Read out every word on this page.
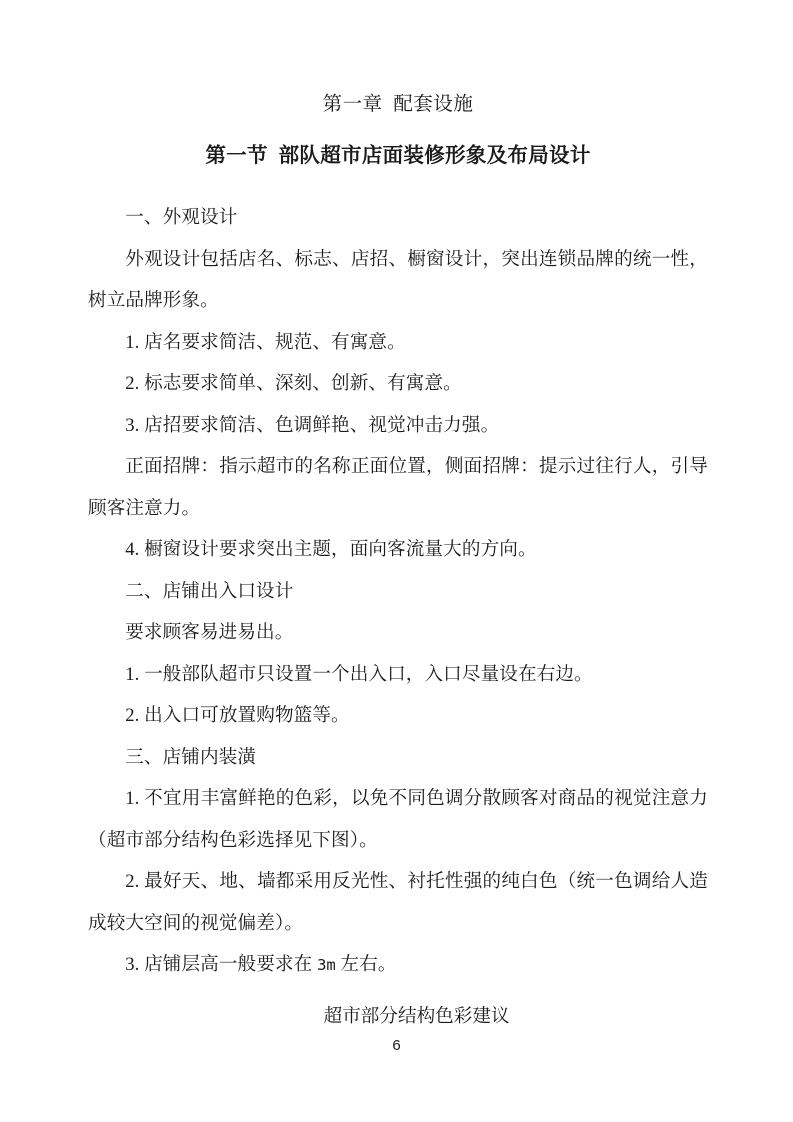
第一章  配套设施
第一节  部队超市店面装修形象及布局设计

一、外观设计

外观设计包括店名、标志、店招、橱窗设计，突出连锁品牌的统一性，树立品牌形象。

1. 店名要求简洁、规范、有寓意。

2. 标志要求简单、深刻、创新、有寓意。

3. 店招要求简洁、色调鲜艳、视觉冲击力强。

正面招牌：指示超市的名称正面位置，侧面招牌：提示过往行人，引导顾客注意力。

4. 橱窗设计要求突出主题，面向客流量大的方向。

二、店铺出入口设计

要求顾客易进易出。

1. 一般部队超市只设置一个出入口，入口尽量设在右边。

2. 出入口可放置购物篮等。

三、店铺内装潢

1. 不宜用丰富鲜艳的色彩，以免不同色调分散顾客对商品的视觉注意力（超市部分结构色彩选择见下图）。

2. 最好天、地、墙都采用反光性、衬托性强的纯白色（统一色调给人造成较大空间的视觉偏差）。

3. 店铺层高一般要求在 3m 左右。

超市部分结构色彩建议

6
